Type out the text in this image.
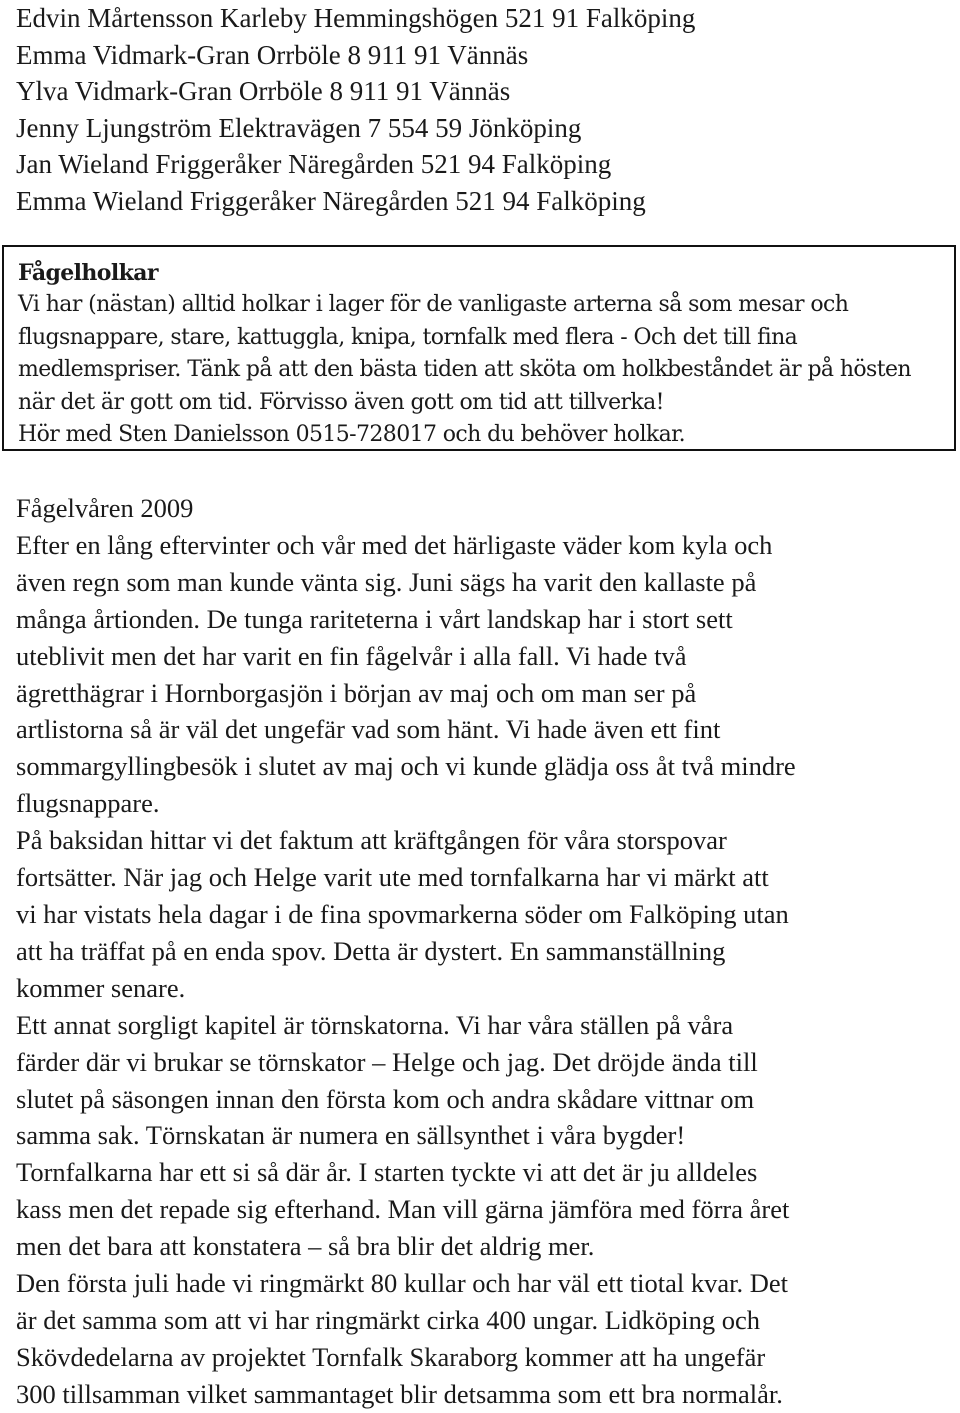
Edvin Mårtensson Karleby Hemmingshögen 521 91 Falköping
Emma Vidmark-Gran Orrböle 8 911 91 Vännäs
Ylva Vidmark-Gran Orrböle 8 911 91 Vännäs
Jenny Ljungström Elektravägen 7 554 59 Jönköping
Jan Wieland Friggeråker Näregården 521 94 Falköping
Emma Wieland Friggeråker Näregården 521 94 Falköping
Fågelholkar
Vi har (nästan) alltid holkar i lager för de vanligaste arterna så som mesar och
flugsnappare, stare, kattuggla, knipa, tornfalk med flera - Och det till fina
medlemspriser. Tänk på att den bästa tiden att sköta om holkbeståndet är på hösten
när det är gott om tid. Förvisso även gott om tid att tillverka!
Hör med Sten Danielsson 0515-728017 och du behöver holkar.
Fågelvåren 2009
Efter en lång eftervinter och vår med det härligaste väder kom kyla och
även regn som man kunde vänta sig. Juni sägs ha varit den kallaste på
många årtionden. De tunga rariteterna i vårt landskap har i stort sett
uteblivit men det har varit en fin fågelvår i alla fall. Vi hade två
ägretthägrar i Hornborgasjön i början av maj och om man ser på
artlistorna så är väl det ungefär vad som hänt. Vi hade även ett fint
sommargyllingbesök i slutet av maj och vi kunde glädja oss åt två mindre
flugsnappare.
På baksidan hittar vi det faktum att kräftgången för våra storspovar
fortsätter. När jag och Helge varit ute med tornfalkarna har vi märkt att
vi har vistats hela dagar i de fina spovmarkerna söder om Falköping utan
att ha träffat på en enda spov. Detta är dystert. En sammanställning
kommer senare.
Ett annat sorgligt kapitel är törnskatorna. Vi har våra ställen på våra
färder där vi brukar se törnskator – Helge och jag. Det dröjde ända till
slutet på säsongen innan den första kom och andra skådare vittnar om
samma sak. Törnskatan är numera en sällsynthet i våra bygder!
Tornfalkarna har ett si så där år. I starten tyckte vi att det är ju alldeles
kass men det repade sig efterhand. Man vill gärna jämföra med förra året
men det bara att konstatera – så bra blir det aldrig mer.
Den första juli hade vi ringmärkt 80 kullar och har väl ett tiotal kvar. Det
är det samma som att vi har ringmärkt cirka 400 ungar. Lidköping och
Skövdedelarna av projektet Tornfalk Skaraborg kommer att ha ungefär
300 tillsamman vilket sammantaget blir detsamma som ett bra normalår.
